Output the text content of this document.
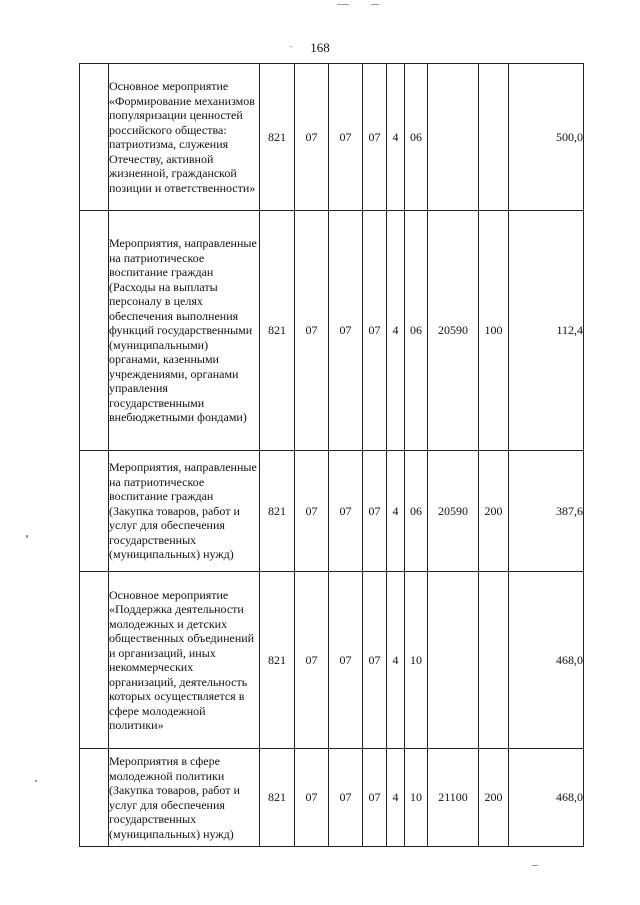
168

	Основное мероприятие «Формирование механизмов популяризации ценностей российского общества: патриотизма, служения Отечеству, активной жизненной, гражданской позиции и ответственности»	821	07	07	07	4	06			500,0

	Мероприятия, направленные на патриотическое воспитание граждан (Расходы на выплаты персоналу в целях обеспечения выполнения функций государственными (муниципальными) органами, казенными учреждениями, органами управления государственными внебюджетными фондами)	821	07	07	07	4	06	20590	100	112,4

	Мероприятия, направленные на патриотическое воспитание граждан (Закупка товаров, работ и услуг для обеспечения государственных (муниципальных) нужд)	821	07	07	07	4	06	20590	200	387,6

	Основное мероприятие «Поддержка деятельности молодежных и детских общественных объединений и организаций, иных некоммерческих организаций, деятельность которых осуществляется в сфере молодежной политики»	821	07	07	07	4	10			468,0

	Мероприятия в сфере молодежной политики (Закупка товаров, работ и услуг для обеспечения государственных (муниципальных) нужд)	821	07	07	07	4	10	21100	200	468,0
